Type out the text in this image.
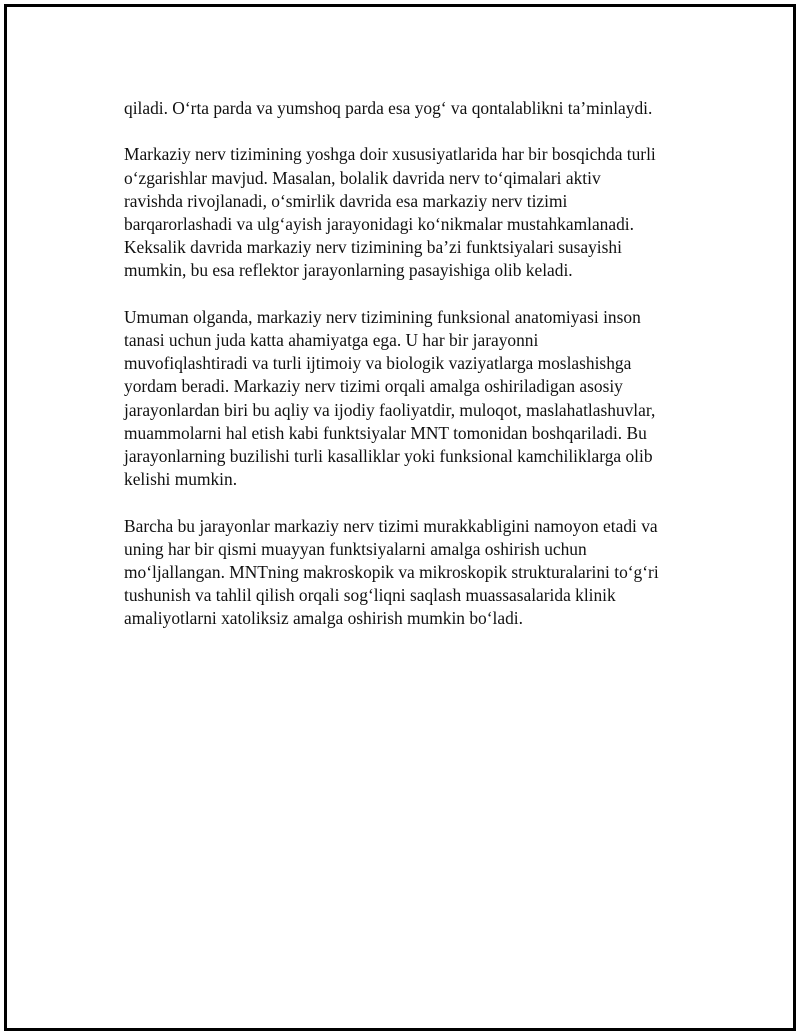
qiladi. O‘rta parda va yumshoq parda esa yog‘ va qontalablikni ta’minlaydi.

Markaziy nerv tizimining yoshga doir xususiyatlarida har bir bosqichda turli
o‘zgarishlar mavjud. Masalan, bolalik davrida nerv to‘qimalari aktiv
ravishda rivojlanadi, o‘smirlik davrida esa markaziy nerv tizimi
barqarorlashadi va ulg‘ayish jarayonidagi ko‘nikmalar mustahkamlanadi.
Keksalik davrida markaziy nerv tizimining ba’zi funktsiyalari susayishi
mumkin, bu esa reflektor jarayonlarning pasayishiga olib keladi.

Umuman olganda, markaziy nerv tizimining funksional anatomiyasi inson
tanasi uchun juda katta ahamiyatga ega. U har bir jarayonni
muvofiqlashtiradi va turli ijtimoiy va biologik vaziyatlarga moslashishga
yordam beradi. Markaziy nerv tizimi orqali amalga oshiriladigan asosiy
jarayonlardan biri bu aqliy va ijodiy faoliyatdir, muloqot, maslahatlashuvlar,
muammolarni hal etish kabi funktsiyalar MNT tomonidan boshqariladi. Bu
jarayonlarning buzilishi turli kasalliklar yoki funksional kamchiliklarga olib
kelishi mumkin.

Barcha bu jarayonlar markaziy nerv tizimi murakkabligini namoyon etadi va
uning har bir qismi muayyan funktsiyalarni amalga oshirish uchun
mo‘ljallangan. MNTning makroskopik va mikroskopik strukturalarini to‘g‘ri
tushunish va tahlil qilish orqali sog‘liqni saqlash muassasalarida klinik
amaliyotlarni xatoliksiz amalga oshirish mumkin bo‘ladi.
